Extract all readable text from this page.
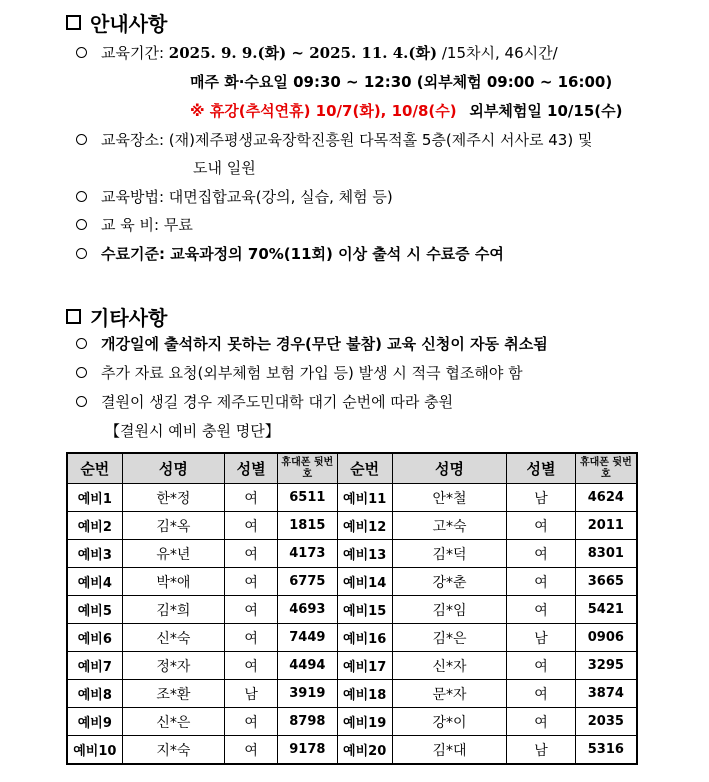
안내사항
교육기간: 2025. 9. 9.(화) ~ 2025. 11. 4.(화) /15차시, 46시간/
매주 화·수요일 09:30 ~ 12:30 (외부체험 09:00 ~ 16:00)
※ 휴강(추석연휴) 10/7(화), 10/8(수) 외부체험일 10/15(수)
교육장소: (재)제주평생교육장학진흥원 다목적홀 5층(제주시 서사로 43) 및
도내 일원
교육방법: 대면집합교육(강의, 실습, 체험 등)
교 육 비: 무료
수료기준: 교육과정의 70%(11회) 이상 출석 시 수료증 수여
기타사항
개강일에 출석하지 못하는 경우(무단 불참) 교육 신청이 자동 취소됨
추가 자료 요청(외부체험 보험 가입 등) 발생 시 적극 협조해야 함
결원이 생길 경우 제주도민대학 대기 순번에 따라 충원
【결원시 예비 충원 명단】
순번	성명	성별	휴대폰 뒷번호	순번	성명	성별	휴대폰 뒷번호
예비1	한*정	여	6511	예비11	안*철	남	4624
예비2	김*옥	여	1815	예비12	고*숙	여	2011
예비3	유*년	여	4173	예비13	김*덕	여	8301
예비4	박*애	여	6775	예비14	강*춘	여	3665
예비5	김*희	여	4693	예비15	김*임	여	5421
예비6	신*숙	여	7449	예비16	김*은	남	0906
예비7	정*자	여	4494	예비17	신*자	여	3295
예비8	조*환	남	3919	예비18	문*자	여	3874
예비9	신*은	여	8798	예비19	강*이	여	2035
예비10	지*숙	여	9178	예비20	김*대	남	5316
